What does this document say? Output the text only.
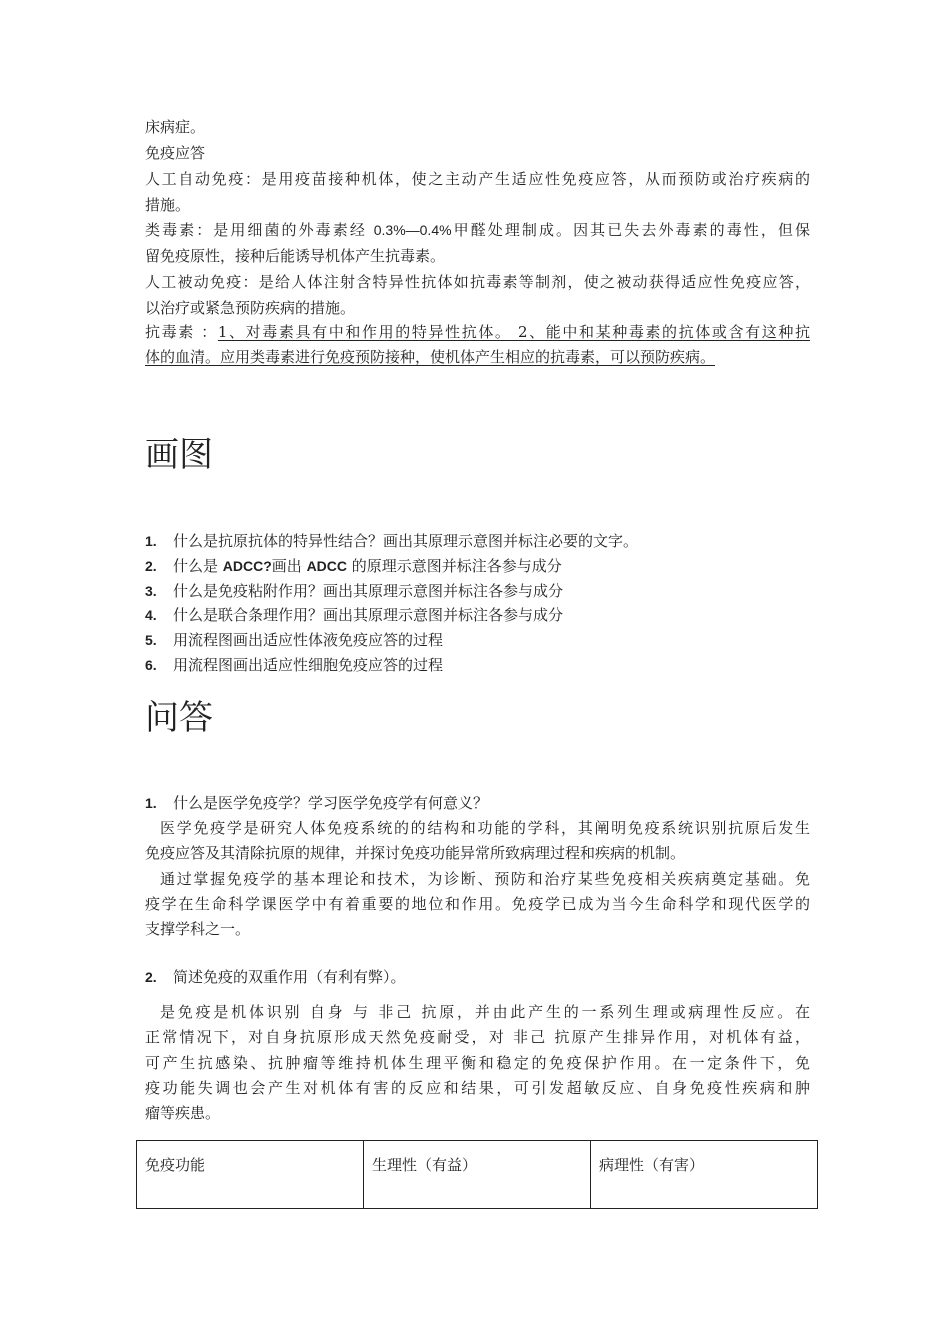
床病症。
免疫应答
人工自动免疫：是用疫苗接种机体，使之主动产生适应性免疫应答，从而预防或治疗疾病的
措施。
类毒素：是用细菌的外毒素经 0.3%—0.4%甲醛处理制成。因其已失去外毒素的毒性，但保
留免疫原性，接种后能诱导机体产生抗毒素。
人工被动免疫：是给人体注射含特异性抗体如抗毒素等制剂，使之被动获得适应性免疫应答，
以治疗或紧急预防疾病的措施。
抗毒素 ：1、对毒素具有中和作用的特异性抗体。 2、能中和某种毒素的抗体或含有这种抗
体的血清。应用类毒素进行免疫预防接种，使机体产生相应的抗毒素，可以预防疾病。
画图
1. 什么是抗原抗体的特异性结合？画出其原理示意图并标注必要的文字。
2. 什么是 ADCC?画出 ADCC 的原理示意图并标注各参与成分
3. 什么是免疫粘附作用？画出其原理示意图并标注各参与成分
4. 什么是联合条理作用？画出其原理示意图并标注各参与成分
5. 用流程图画出适应性体液免疫应答的过程
6. 用流程图画出适应性细胞免疫应答的过程
问答
1. 什么是医学免疫学？学习医学免疫学有何意义？
医学免疫学是研究人体免疫系统的的结构和功能的学科，其阐明免疫系统识别抗原后发生
免疫应答及其清除抗原的规律，并探讨免疫功能异常所致病理过程和疾病的机制。
通过掌握免疫学的基本理论和技术，为诊断、预防和治疗某些免疫相关疾病奠定基础。免
疫学在生命科学课医学中有着重要的地位和作用。免疫学已成为当今生命科学和现代医学的
支撑学科之一。
2. 简述免疫的双重作用（有利有弊）。
是免疫是机体识别 自身 与 非己 抗原，并由此产生的一系列生理或病理性反应。在
正常情况下，对自身抗原形成天然免疫耐受，对 非己 抗原产生排异作用，对机体有益，
可产生抗感染、抗肿瘤等维持机体生理平衡和稳定的免疫保护作用。在一定条件下，免
疫功能失调也会产生对机体有害的反应和结果，可引发超敏反应、自身免疫性疾病和肿
瘤等疾患。
免疫功能	生理性（有益）	病理性（有害）
